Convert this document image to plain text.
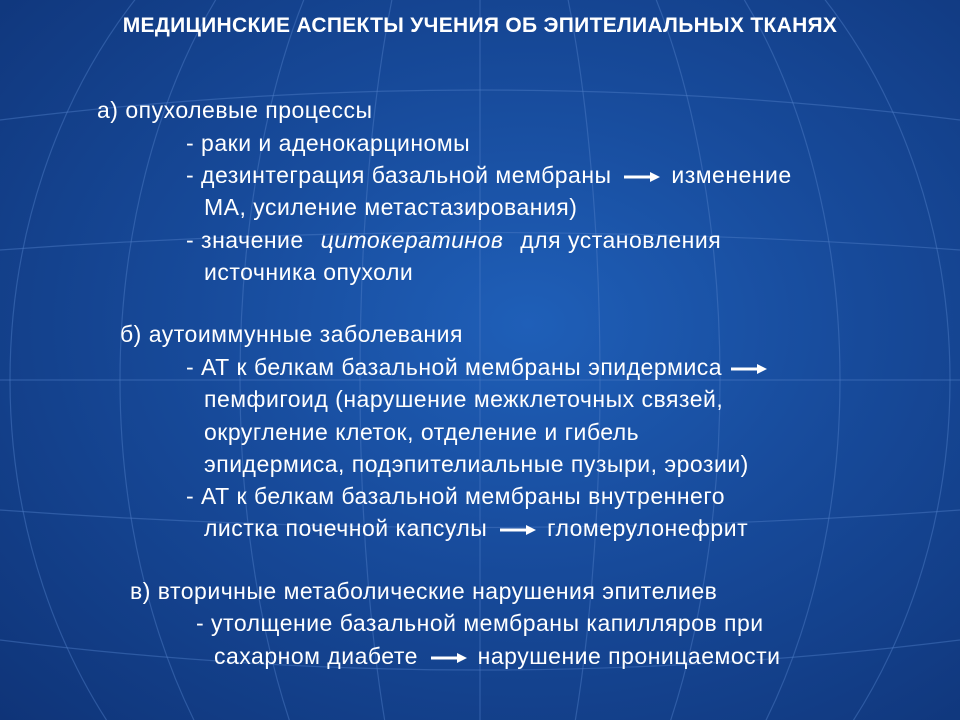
МЕДИЦИНСКИЕ АСПЕКТЫ УЧЕНИЯ ОБ ЭПИТЕЛИАЛЬНЫХ ТКАНЯХ
а) опухолевые процессы
- раки и аденокарциномы
- дезинтеграция базальной мембраны	изменение
МА, усиление метастазирования)
- значение цитокератинов для установления
источника опухоли
б) аутоиммунные заболевания
- АТ к белкам базальной мембраны эпидермиса
пемфигоид (нарушение межклеточных связей,
округление клеток, отделение и гибель
эпидермиса, подэпителиальные пузыри, эрозии)
- АТ к белкам базальной мембраны внутреннего
листка почечной капсулы	гломерулонефрит
в) вторичные метаболические нарушения эпителиев
- утолщение базальной мембраны капилляров при
сахарном диабете	нарушение проницаемости
